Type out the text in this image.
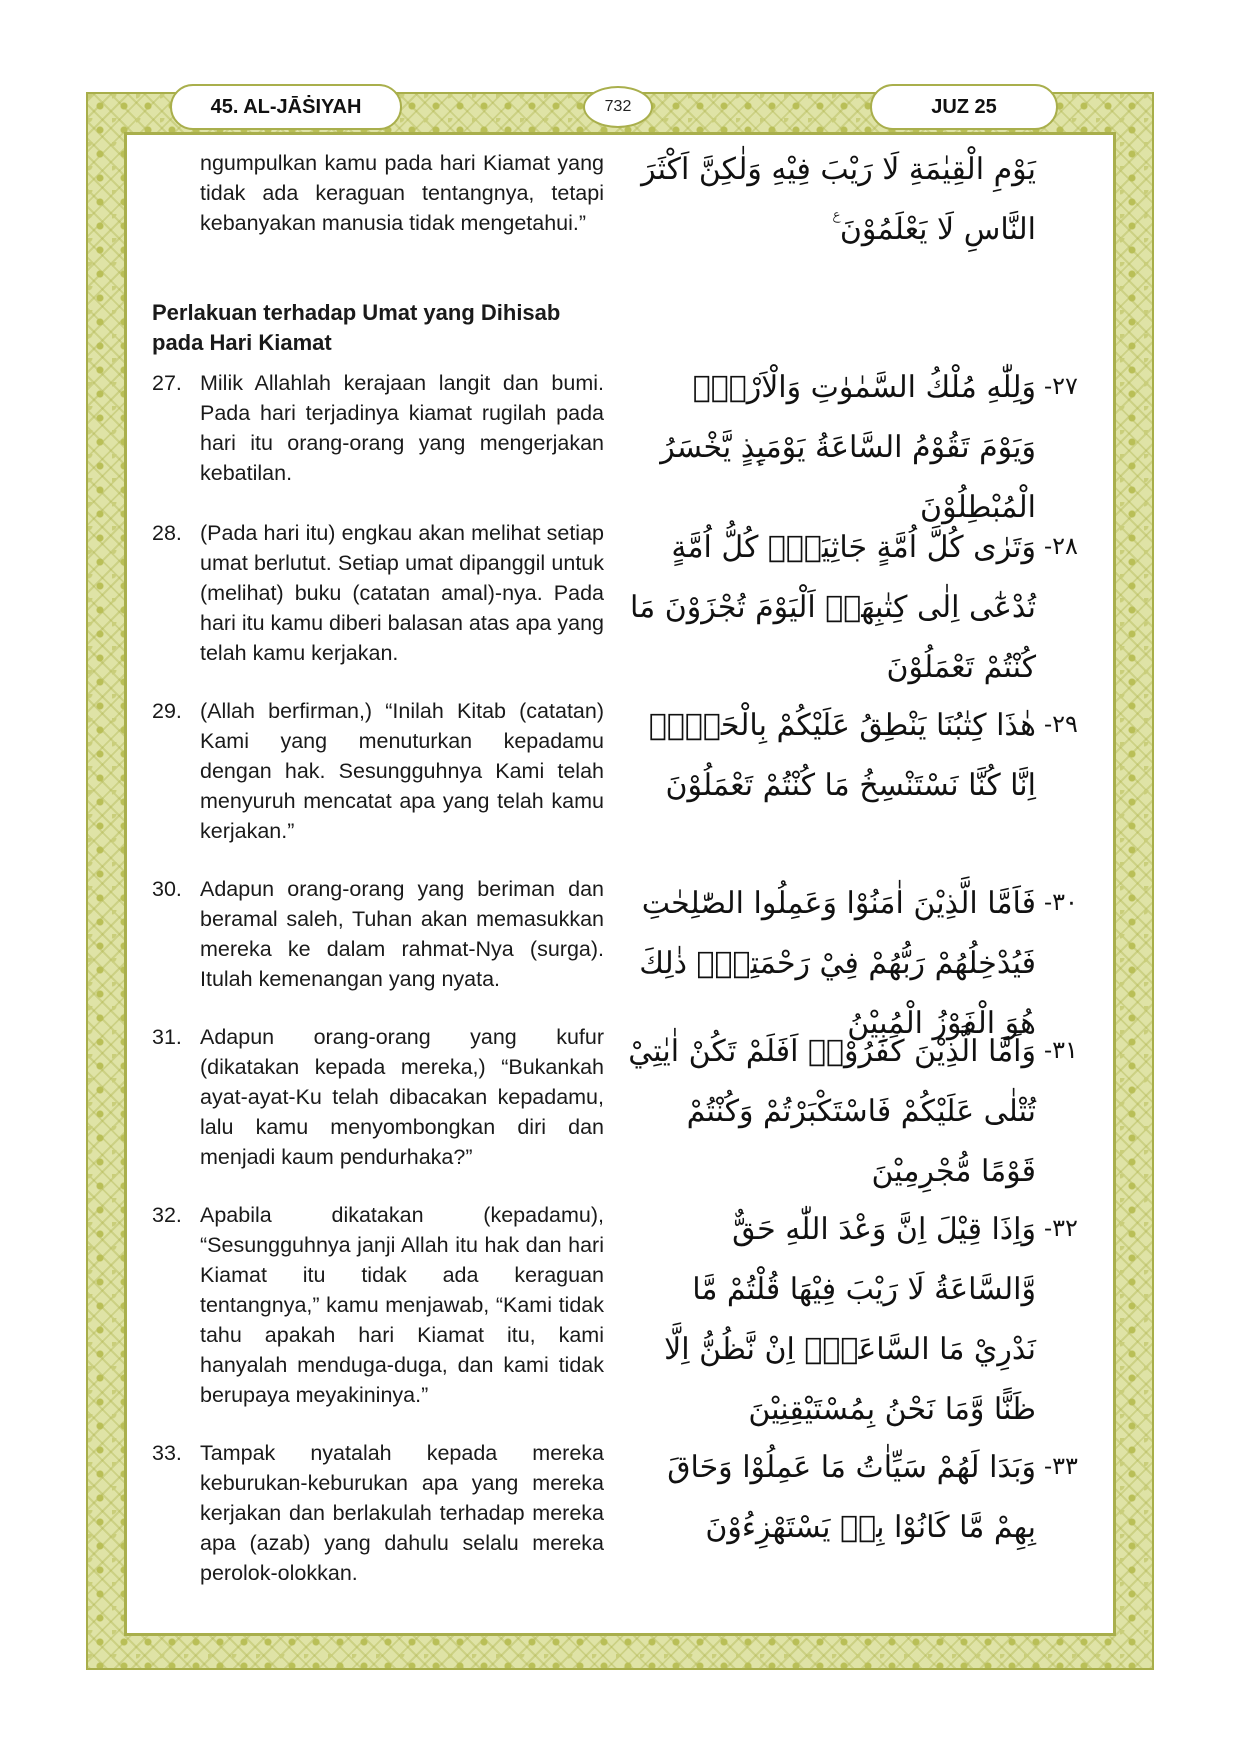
45. AL-JĀṠIYAH	732	JUZ 25
يَوْمِ الْقِيٰمَةِ لَا رَيْبَ فِيْهِ وَلٰكِنَّ اَكْثَرَ النَّاسِ لَا يَعْلَمُوْنَ ࣖ
ngumpulkan kamu pada hari Kiamat yang tidak ada keraguan tentangnya, tetapi kebanyakan manusia tidak mengetahui.”
Perlakuan terhadap Umat yang Dihisab pada Hari Kiamat
-٢٧
وَلِلّٰهِ مُلْكُ السَّمٰوٰتِ وَالْاَرْضِۗ وَيَوْمَ تَقُوْمُ السَّاعَةُ يَوْمَىِٕذٍ يَّخْسَرُ الْمُبْطِلُوْنَ
27. Milik Allahlah kerajaan langit dan bumi. Pada hari terjadinya kiamat rugilah pada hari itu orang-orang yang mengerjakan kebatilan.
-٢٨
وَتَرٰى كُلَّ اُمَّةٍ جَاثِيَةًۗ كُلُّ اُمَّةٍ تُدْعٰٓى اِلٰى كِتٰبِهَاۗ اَلْيَوْمَ تُجْزَوْنَ مَا كُنْتُمْ تَعْمَلُوْنَ
28. (Pada hari itu) engkau akan melihat setiap umat berlutut. Setiap umat dipanggil untuk (melihat) buku (catatan amal)-nya. Pada hari itu kamu diberi balasan atas apa yang telah kamu kerjakan.
-٢٩
هٰذَا كِتٰبُنَا يَنْطِقُ عَلَيْكُمْ بِالْحَقِّۗ اِنَّا كُنَّا نَسْتَنْسِخُ مَا كُنْتُمْ تَعْمَلُوْنَ
29. (Allah berfirman,) “Inilah Kitab (catatan) Kami yang menuturkan kepadamu dengan hak. Sesungguhnya Kami telah menyuruh mencatat apa yang telah kamu kerjakan.”
-٣٠
فَاَمَّا الَّذِيْنَ اٰمَنُوْا وَعَمِلُوا الصّٰلِحٰتِ فَيُدْخِلُهُمْ رَبُّهُمْ فِيْ رَحْمَتِهٖۗ ذٰلِكَ هُوَ الْفَوْزُ الْمُبِيْنُ
30. Adapun orang-orang yang beriman dan beramal saleh, Tuhan akan memasukkan mereka ke dalam rahmat-Nya (surga). Itulah kemenangan yang nyata.
-٣١
وَاَمَّا الَّذِيْنَ كَفَرُوْاۗ اَفَلَمْ تَكُنْ اٰيٰتِيْ تُتْلٰى عَلَيْكُمْ فَاسْتَكْبَرْتُمْ وَكُنْتُمْ قَوْمًا مُّجْرِمِيْنَ
31. Adapun orang-orang yang kufur (dikatakan kepada mereka,) “Bukankah ayat-ayat-Ku telah dibacakan kepadamu, lalu kamu menyombongkan diri dan menjadi kaum pendurhaka?”
-٣٢
وَاِذَا قِيْلَ اِنَّ وَعْدَ اللّٰهِ حَقٌّ وَّالسَّاعَةُ لَا رَيْبَ فِيْهَا قُلْتُمْ مَّا نَدْرِيْ مَا السَّاعَةُۙ اِنْ نَّظُنُّ اِلَّا ظَنًّا وَّمَا نَحْنُ بِمُسْتَيْقِنِيْنَ
32. Apabila dikatakan (kepadamu), “Sesungguhnya janji Allah itu hak dan hari Kiamat itu tidak ada keraguan tentangnya,” kamu menjawab, “Kami tidak tahu apakah hari Kiamat itu, kami hanyalah menduga-duga, dan kami tidak berupaya meyakininya.”
-٣٣
وَبَدَا لَهُمْ سَيِّاٰتُ مَا عَمِلُوْا وَحَاقَ بِهِمْ مَّا كَانُوْا بِهٖ يَسْتَهْزِءُوْنَ
33. Tampak nyatalah kepada mereka keburukan-keburukan apa yang mereka kerjakan dan berlakulah terhadap mereka apa (azab) yang dahulu selalu mereka perolok-olokkan.
